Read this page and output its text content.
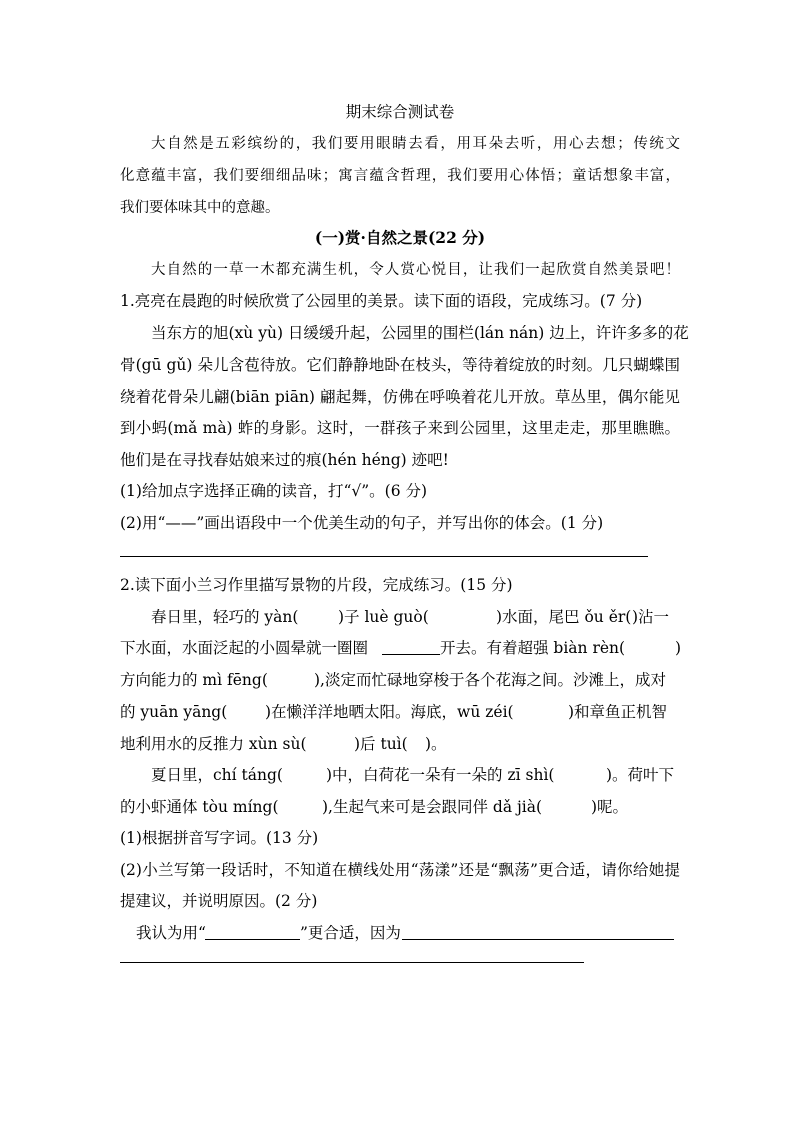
期末综合测试卷
大自然是五彩缤纷的，我们要用眼睛去看，用耳朵去听，用心去想；传统文
化意蕴丰富，我们要细细品味；寓言蕴含哲理，我们要用心体悟；童话想象丰富，
我们要体味其中的意趣。
(一)赏·自然之景(22 分)
大自然的一草一木都充满生机，令人赏心悦目，让我们一起欣赏自然美景吧！
1.亮亮在晨跑的时候欣赏了公园里的美景。读下面的语段，完成练习。(7 分)
当东方的旭(xù yù) 日缓缓升起，公园里的围栏(lán nán) 边上，许许多多的花
骨(gū gǔ) 朵儿含苞待放。它们静静地卧在枝头，等待着绽放的时刻。几只蝴蝶围
绕着花骨朵儿翩(biān piān) 翩起舞，仿佛在呼唤着花儿开放。草丛里，偶尔能见
到小蚂(mǎ mà) 蚱的身影。这时，一群孩子来到公园里，这里走走，那里瞧瞧。
他们是在寻找春姑娘来过的痕(hén héng) 迹吧!
(1)给加点字选择正确的读音，打“√”。(6 分)
(2)用“——”画出语段中一个优美生动的句子，并写出你的体会。(1 分)
2.读下面小兰习作里描写景物的片段，完成练习。(15 分)
春日里，轻巧的 yàn(	)子 luè guò(	)水面，尾巴 ǒu ěr( )沾一
下水面，水面泛起的小圆晕就一圈圈	开去。有着超强 biàn rèn(	)
方向能力的 mì fēng(	),淡定而忙碌地穿梭于各个花海之间。沙滩上，成对
的 yuān yāng( )在懒洋洋地晒太阳。海底，wū zéi(	)和章鱼正机智
地利用水的反推力 xùn sù(	)后 tuì( )。
夏日里，chí táng(	)中，白荷花一朵有一朵的 zī shì(	)。荷叶下
的小虾通体 tòu míng(	),生起气来可是会跟同伴 dǎ jià(	)呢。
(1)根据拼音写字词。(13 分)
(2)小兰写第一段话时，不知道在横线处用“荡漾”还是“飘荡”更合适，请你给她提
提建议，并说明原因。(2 分)
我认为用“	”更合适，因为
